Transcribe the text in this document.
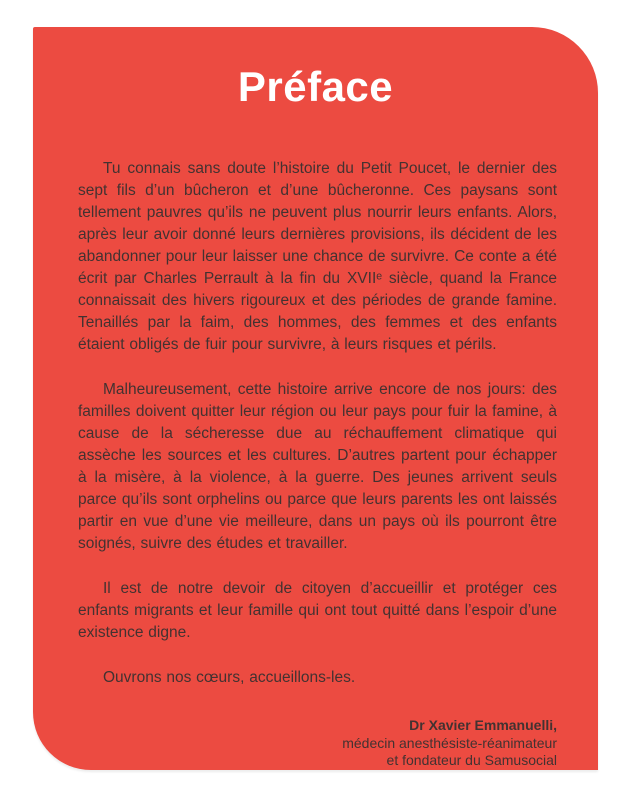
Préface

Tu connais sans doute l’histoire du Petit Poucet, le dernier des sept fils d’un bûcheron et d’une bûcheronne. Ces paysans sont tellement pauvres qu’ils ne peuvent plus nourrir leurs enfants. Alors, après leur avoir donné leurs dernières provisions, ils décident de les abandonner pour leur laisser une chance de survivre. Ce conte a été écrit par Charles Perrault à la fin du XVIIᵉ siècle, quand la France connaissait des hivers rigoureux et des périodes de grande famine. Tenaillés par la faim, des hommes, des femmes et des enfants étaient obligés de fuir pour survivre, à leurs risques et périls.

Malheureusement, cette histoire arrive encore de nos jours: des familles doivent quitter leur région ou leur pays pour fuir la famine, à cause de la sécheresse due au réchauffement climatique qui assèche les sources et les cultures. D’autres partent pour échapper à la misère, à la violence, à la guerre. Des jeunes arrivent seuls parce qu’ils sont orphelins ou parce que leurs parents les ont laissés partir en vue d’une vie meilleure, dans un pays où ils pourront être soignés, suivre des études et travailler.

Il est de notre devoir de citoyen d’accueillir et protéger ces enfants migrants et leur famille qui ont tout quitté dans l’espoir d’une existence digne.

Ouvrons nos cœurs, accueillons-les.

Dr Xavier Emmanuelli,
médecin anesthésiste-réanimateur
et fondateur du Samusocial
